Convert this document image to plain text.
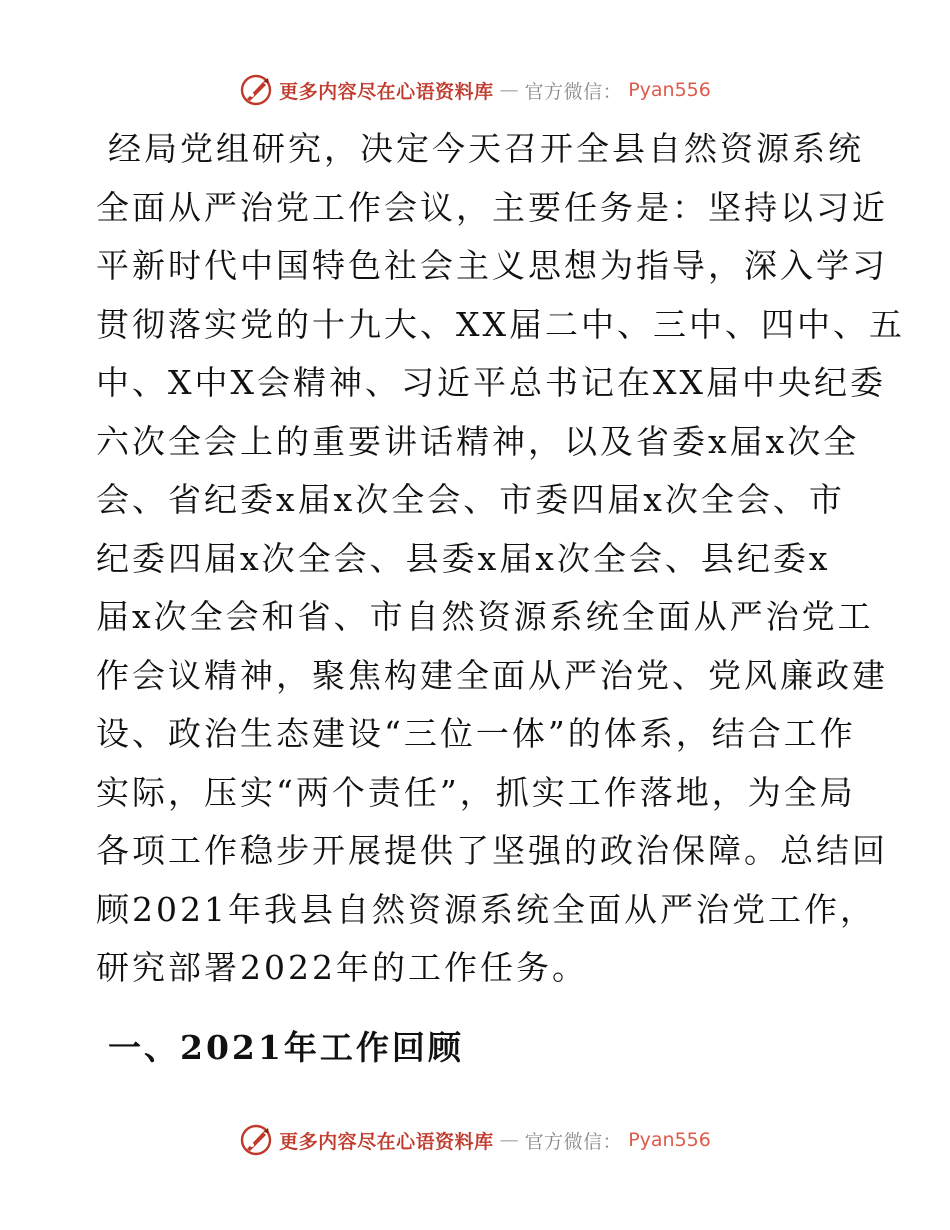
更多内容尽在心语资料库 — 官方微信： Pyan556

经局党组研究，决定今天召开全县自然资源系统
全面从严治党工作会议，主要任务是：坚持以习近
平新时代中国特色社会主义思想为指导，深入学习
贯彻落实党的十九大、XX届二中、三中、四中、五
中、X中X会精神、习近平总书记在XX届中央纪委
六次全会上的重要讲话精神，以及省委x届x次全
会、省纪委x届x次全会、市委四届x次全会、市
纪委四届x次全会、县委x届x次全会、县纪委x
届x次全会和省、市自然资源系统全面从严治党工
作会议精神，聚焦构建全面从严治党、党风廉政建
设、政治生态建设“三位一体”的体系，结合工作
实际，压实“两个责任”，抓实工作落地，为全局
各项工作稳步开展提供了坚强的政治保障。总结回
顾2021年我县自然资源系统全面从严治党工作，
研究部署2022年的工作任务。

一、2021年工作回顾
更多内容尽在心语资料库 — 官方微信： Pyan556
